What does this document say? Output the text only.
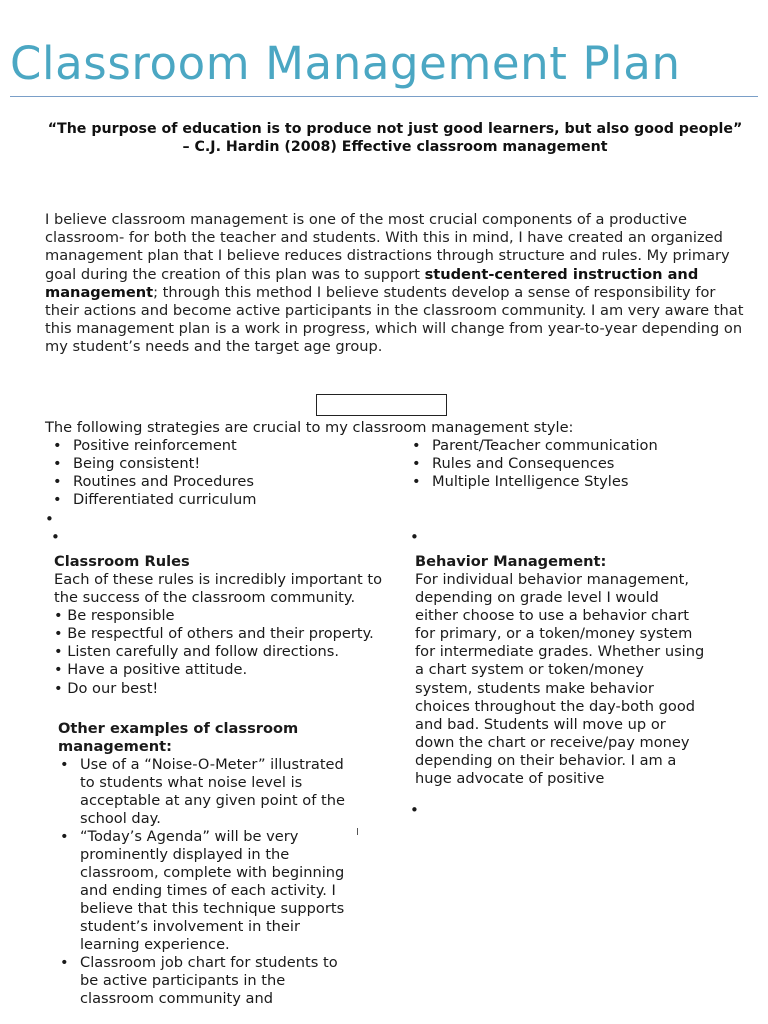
Classroom Management Plan
“The purpose of education is to produce not just good learners, but also good people”
– C.J. Hardin (2008) Effective classroom management
I believe classroom management is one of the most crucial components of a productive classroom- for both the teacher and students. With this in mind, I have created an organized management plan that I believe reduces distractions through structure and rules. My primary goal during the creation of this plan was to support student-centered instruction and management; through this method I believe students develop a sense of responsibility for their actions and become active participants in the classroom community. I am very aware that this management plan is a work in progress, which will change from year-to-year depending on my student’s needs and the target age group.
The following strategies are crucial to my classroom management style:
• Positive reinforcement
• Being consistent!
• Routines and Procedures
• Differentiated curriculum
•
•
• Parent/Teacher communication
• Rules and Consequences
• Multiple Intelligence Styles
•
Classroom Rules
Each of these rules is incredibly important to the success of the classroom community.
• Be responsible
• Be respectful of others and their property.
• Listen carefully and follow directions.
• Have a positive attitude.
• Do our best!
Behavior Management:
For individual behavior management, depending on grade level I would either choose to use a behavior chart for primary, or a token/money system for intermediate grades. Whether using a chart system or token/money system, students make behavior choices throughout the day-both good and bad. Students will move up or down the chart or receive/pay money depending on their behavior. I am a huge advocate of positive
•
Other examples of classroom management:
• Use of a “Noise-O-Meter” illustrated to students what noise level is acceptable at any given point of the school day.
• “Today’s Agenda” will be very prominently displayed in the classroom, complete with beginning and ending times of each activity. I believe that this technique supports student’s involvement in their learning experience.
• Classroom job chart for students to be active participants in the classroom community and
